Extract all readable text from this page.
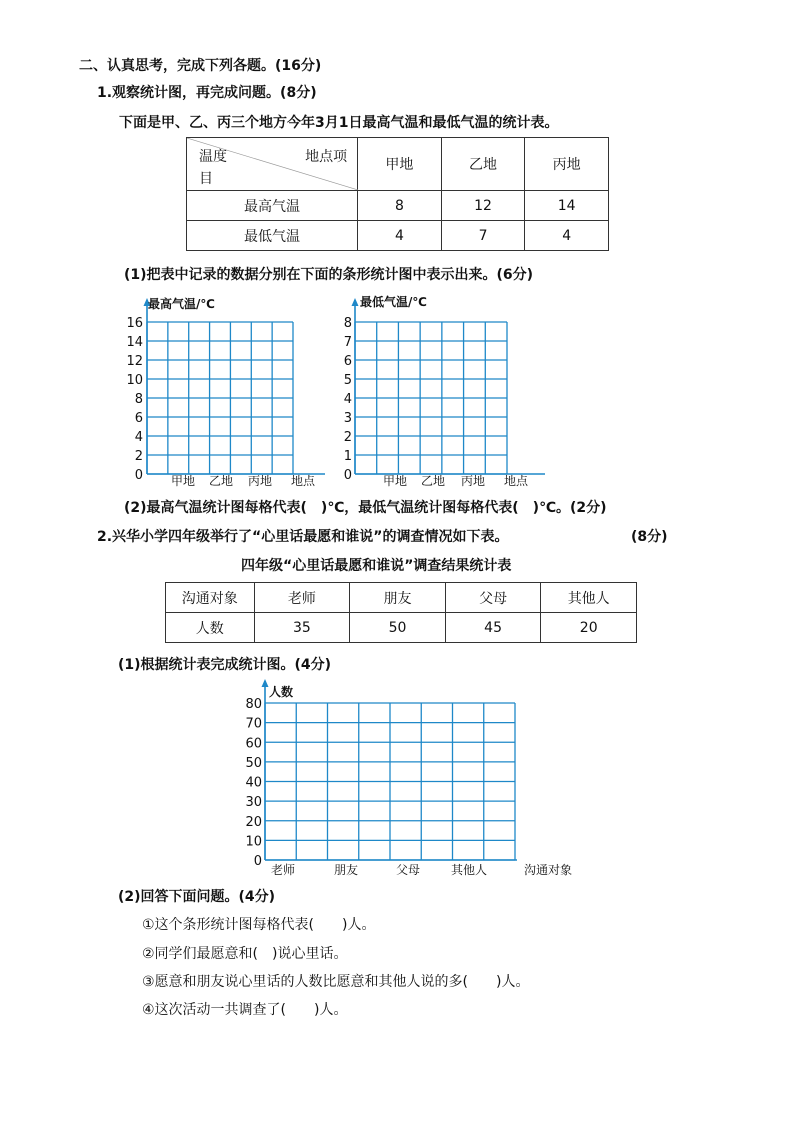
二、认真思考，完成下列各题。(16分)
1.观察统计图，再完成问题。(8分)
下面是甲、乙、丙三个地方今年3月1日最高气温和最低气温的统计表。
温度 地点项
目	甲地	乙地	丙地
最高气温	8	12	14
最低气温	4	7	4
(1)把表中记录的数据分别在下面的条形统计图中表示出来。(6分)
0
2
4
6
8
10
12
14
16
最高气温/℃
甲地 乙地 丙地 地点 0
1
2
3
4
5
6
7
8
最低气温/℃
甲地 乙地 丙地 地点
(2)最高气温统计图每格代表(　)℃，最低气温统计图每格代表(　)℃。(2分)
2.兴华小学四年级举行了“心里话最愿和谁说”的调查情况如下表。	(8分)
四年级“心里话最愿和谁说”调查结果统计表
沟通对象	老师	朋友	父母	其他人
人数	35	50	45	20
(1)根据统计表完成统计图。(4分)
0
10
20
30
40
50
60
70
80
人数
老师	朋友	父母	其他人	沟通对象
(2)回答下面问题。(4分)
①这个条形统计图每格代表(　　)人。
②同学们最愿意和(　)说心里话。
③愿意和朋友说心里话的人数比愿意和其他人说的多(　　)人。
④这次活动一共调查了(　　)人。
